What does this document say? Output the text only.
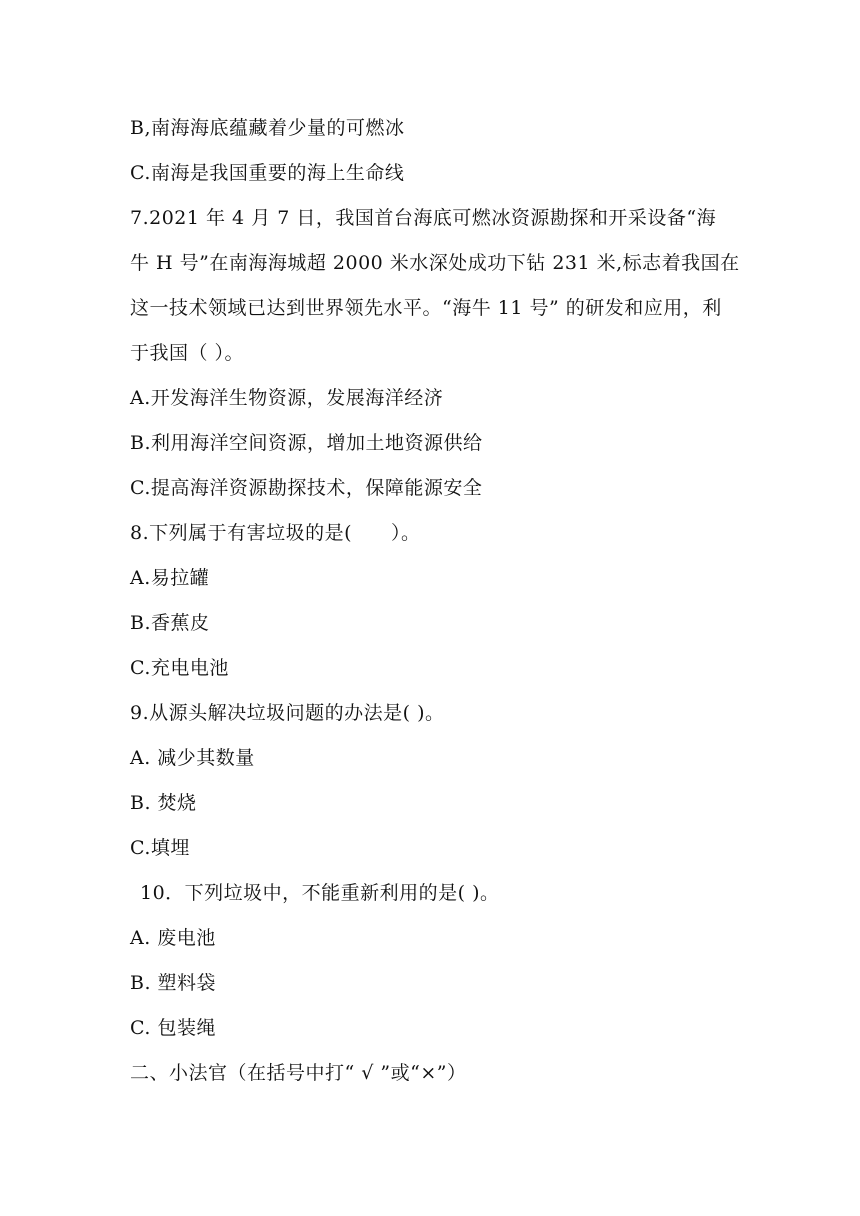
B,南海海底蕴藏着少量的可燃冰
C.南海是我国重要的海上生命线
7.2021 年 4 月 7 日，我国首台海底可燃冰资源勘探和开采设备“海
牛 H 号”在南海海城超 2000 米水深处成功下钻 231 米,标志着我国在
这一技术领域已达到世界领先水平。“海牛 11 号” 的研发和应用，利
于我国（ ）。
A.开发海洋生物资源，发展海洋经济
B.利用海洋空间资源，增加土地资源供给
C.提高海洋资源勘探技术，保障能源安全
8.下列属于有害垃圾的是(　　）。
A.易拉罐
B.香蕉皮
C.充电电池
9.从源头解决垃圾问题的办法是( )。
A. 减少其数量
B. 焚烧
C.填埋
10．下列垃圾中，不能重新利用的是( )。
A. 废电池
B. 塑料袋
C. 包装绳
二、小法官（在括号中打“ √ ”或“×”）
